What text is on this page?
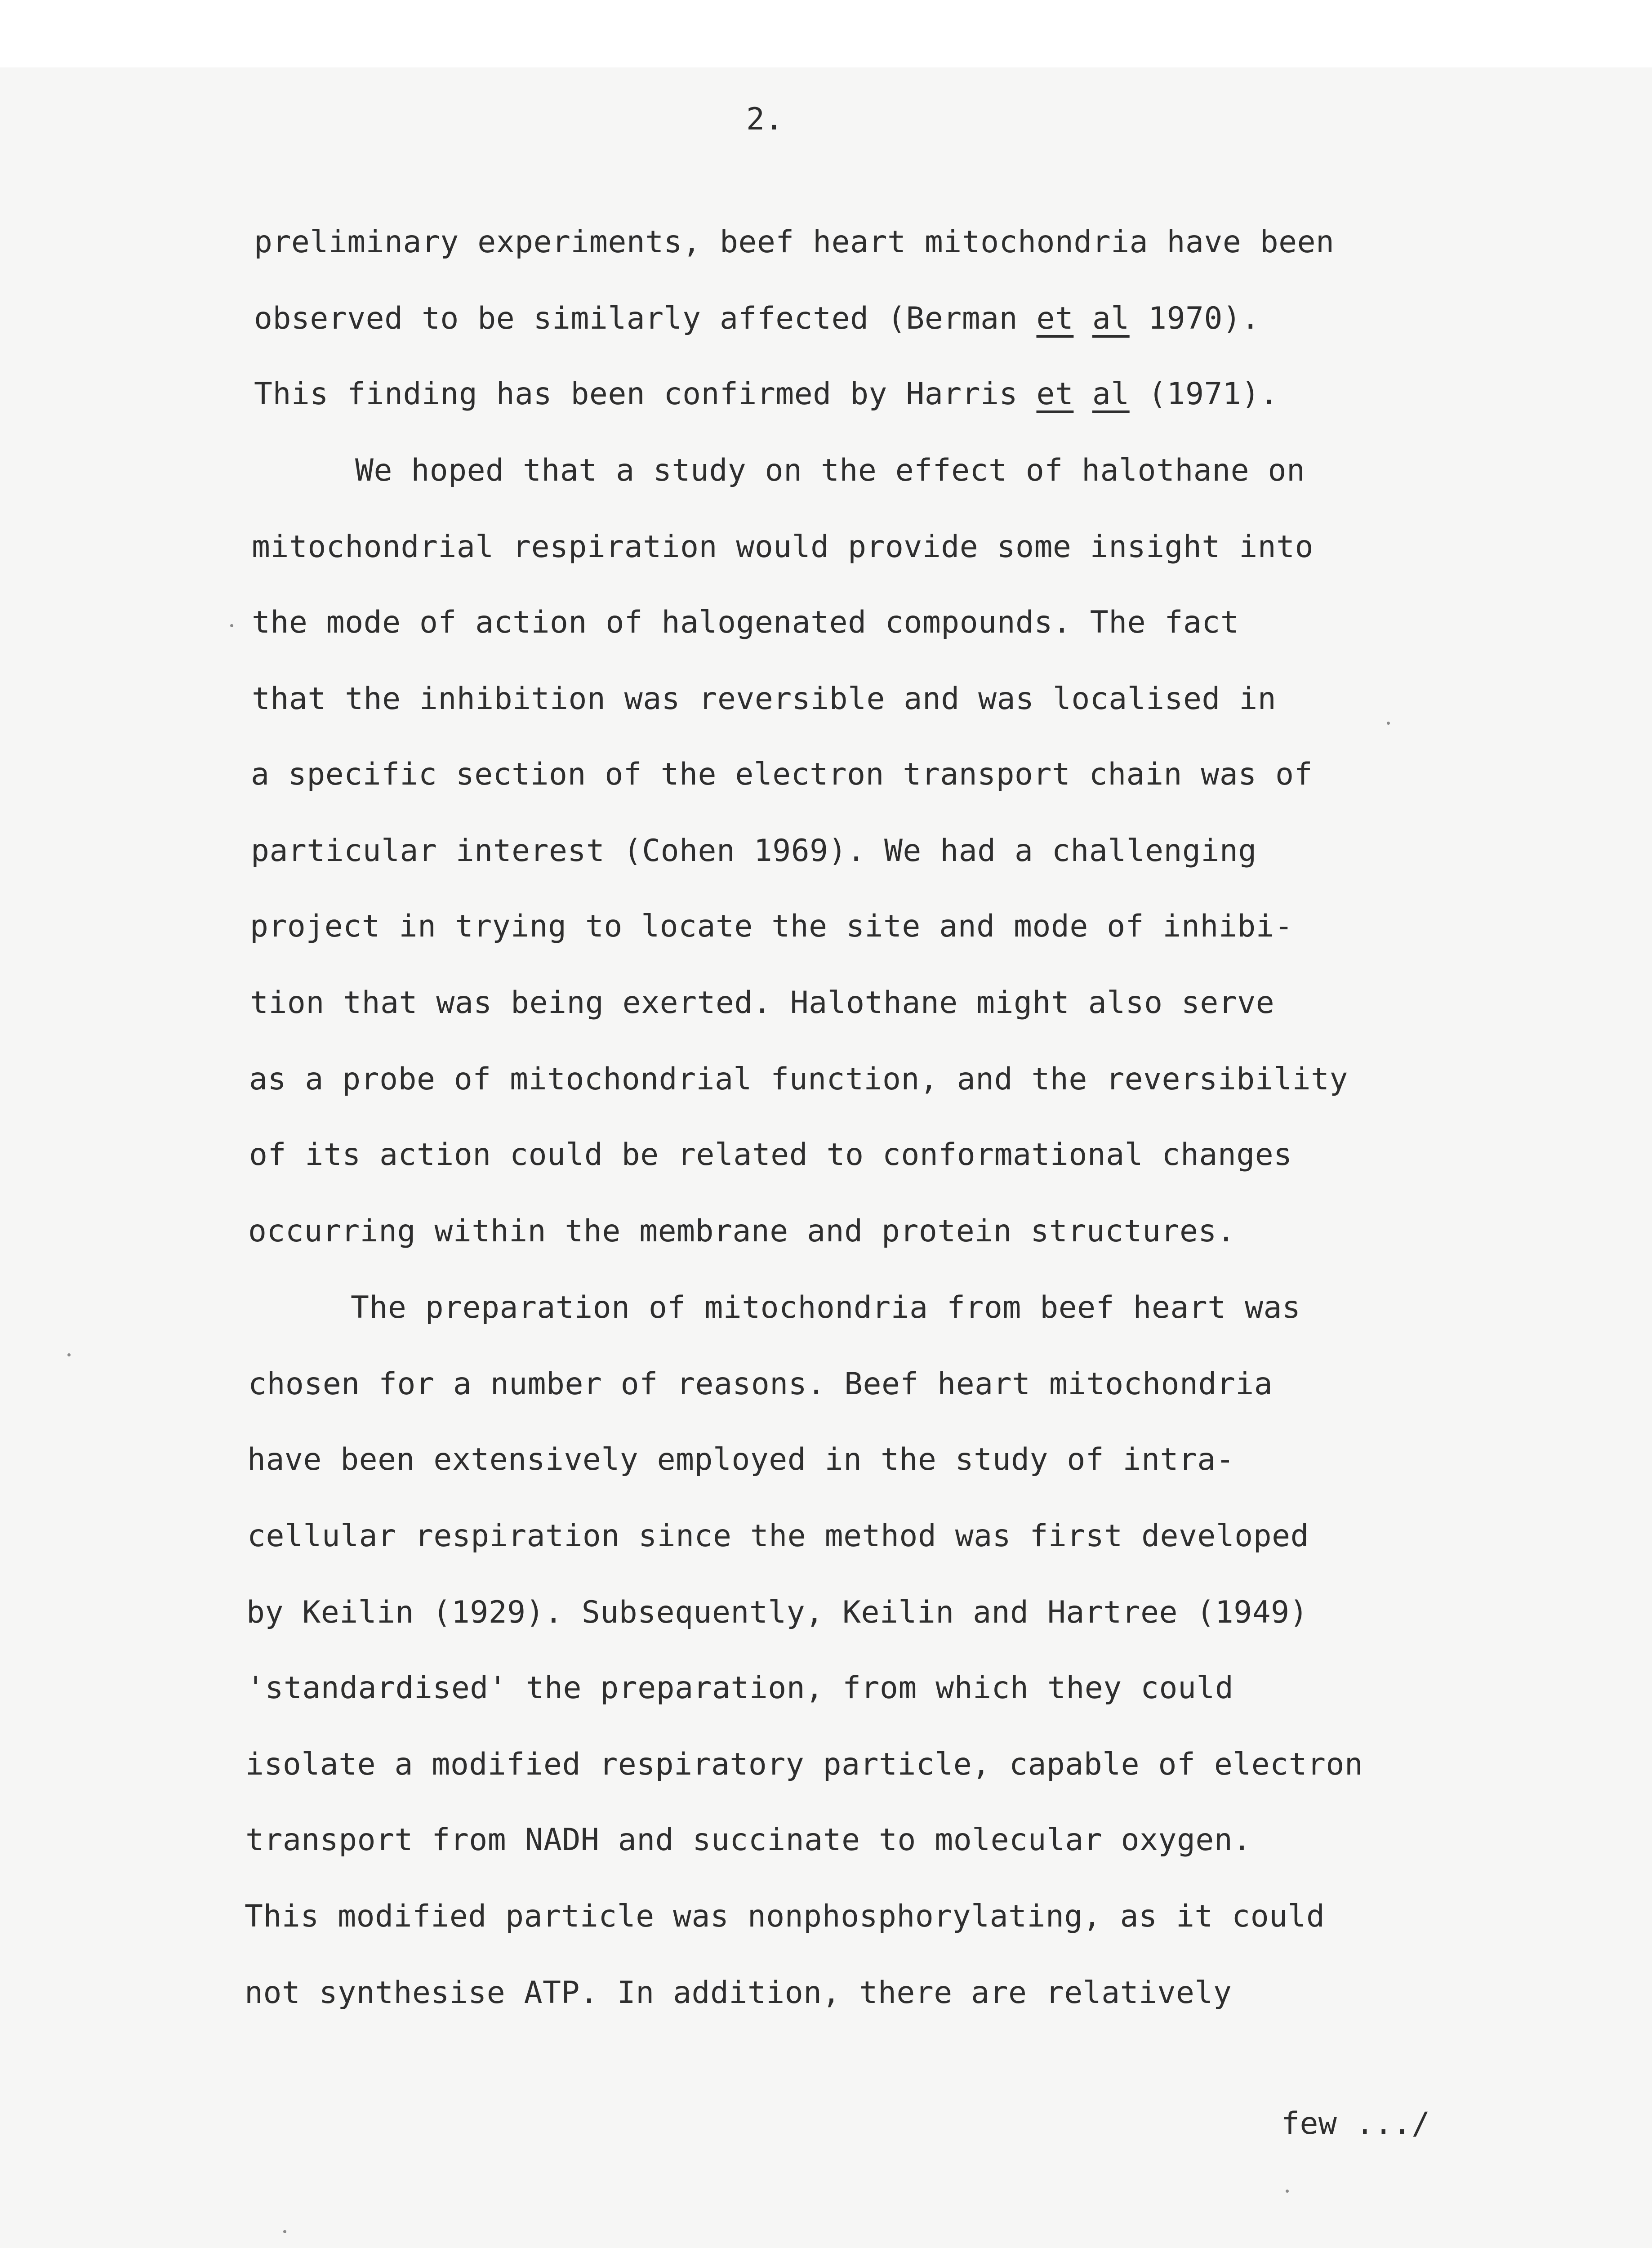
2.

preliminary experiments, beef heart mitochondria have been

observed to be similarly affected (Berman et al 1970).

This finding has been confirmed by Harris et al (1971).

We hoped that a study on the effect of halothane on

mitochondrial respiration would provide some insight into

the mode of action of halogenated compounds. The fact

that the inhibition was reversible and was localised in

a specific section of the electron transport chain was of

particular interest (Cohen 1969). We had a challenging

project in trying to locate the site and mode of inhibi-

tion that was being exerted. Halothane might also serve

as a probe of mitochondrial function, and the reversibility

of its action could be related to conformational changes

occurring within the membrane and protein structures.

The preparation of mitochondria from beef heart was

chosen for a number of reasons. Beef heart mitochondria

have been extensively employed in the study of intra-

cellular respiration since the method was first developed

by Keilin (1929). Subsequently, Keilin and Hartree (1949)

'standardised' the preparation, from which they could

isolate a modified respiratory particle, capable of electron

transport from NADH and succinate to molecular oxygen.

This modified particle was nonphosphorylating, as it could

not synthesise ATP. In addition, there are relatively

few .../
